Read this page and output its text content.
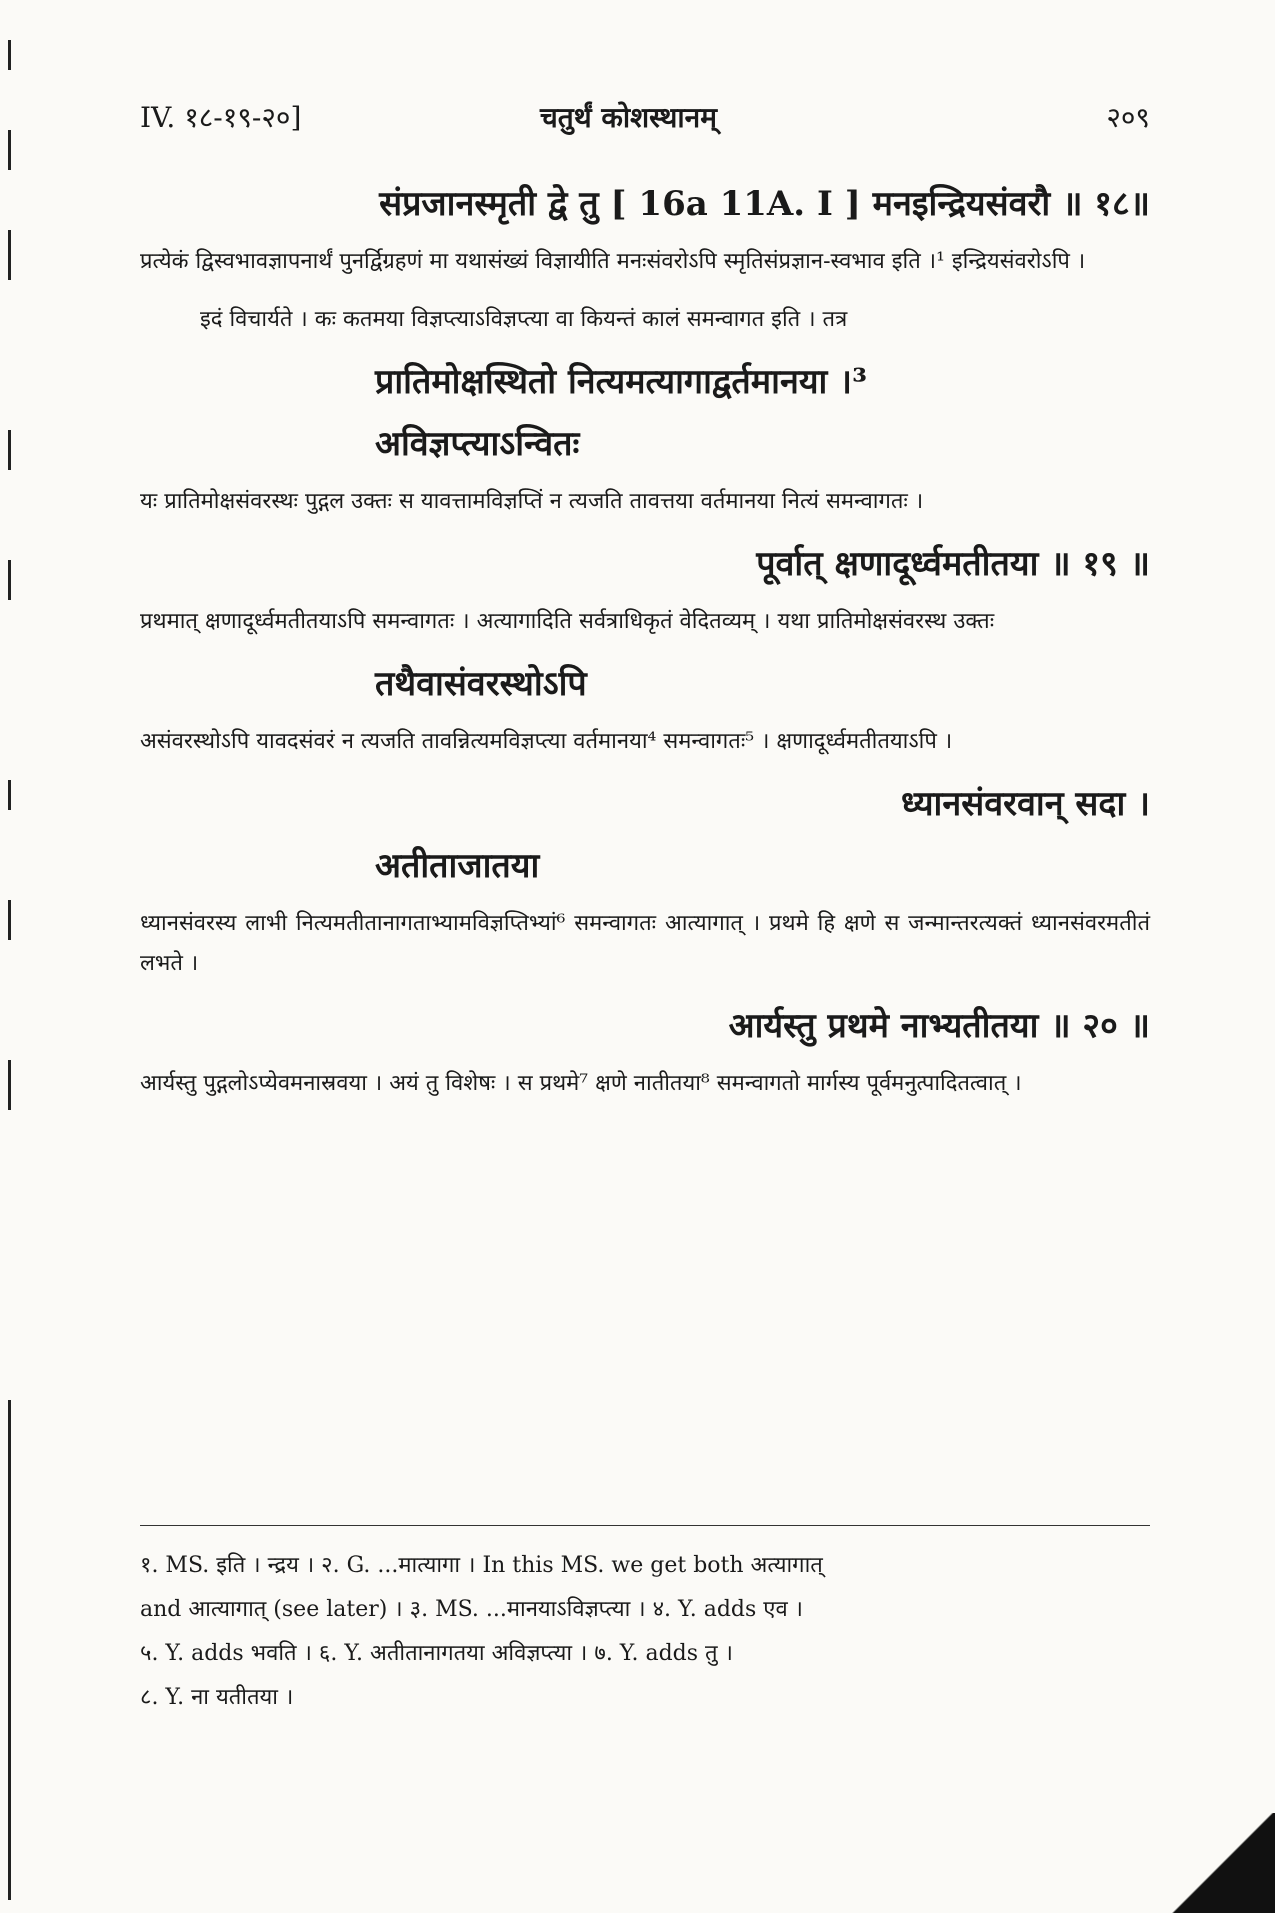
IV. १८-१९-२०]	चतुर्थं कोशस्थानम्	२०९

संप्रजानस्मृती द्वे तु [ 16a 11A. I ] मनइन्द्रियसंवरौ ॥ १८॥

प्रत्येकं द्विस्वभावज्ञापनार्थं पुनर्द्विग्रहणं मा यथासंख्यं विज्ञायीति मनःसंवरोऽपि स्मृतिसंप्रज्ञान-स्वभाव इति ।¹ इन्द्रियसंवरोऽपि ।

इदं विचार्यते । कः कतमया विज्ञप्त्याऽविज्ञप्त्या वा कियन्तं कालं समन्वागत इति । तत्र

प्रातिमोक्षस्थितो नित्यमत्यागाद्वर्तमानया ।³

अविज्ञप्त्याऽन्वितः

यः प्रातिमोक्षसंवरस्थः पुद्गल उक्तः स यावत्तामविज्ञप्तिं न त्यजति तावत्तया वर्तमानया नित्यं समन्वागतः ।

पूर्वात् क्षणादूर्ध्वमतीतया ॥ १९ ॥

प्रथमात् क्षणादूर्ध्वमतीतयाऽपि समन्वागतः । अत्यागादिति सर्वत्राधिकृतं वेदितव्यम् । यथा प्रातिमोक्षसंवरस्थ उक्तः

तथैवासंवरस्थोऽपि

असंवरस्थोऽपि यावदसंवरं न त्यजति तावन्नित्यमविज्ञप्त्या वर्तमानया⁴ समन्वागतः⁵ । क्षणादूर्ध्वमतीतयाऽपि ।

ध्यानसंवरवान् सदा ।

अतीताजातया

ध्यानसंवरस्य लाभी नित्यमतीतानागताभ्यामविज्ञप्तिभ्यां⁶ समन्वागतः आत्यागात् । प्रथमे हि क्षणे स जन्मान्तरत्यक्तं ध्यानसंवरमतीतं लभते ।

आर्यस्तु प्रथमे नाभ्यतीतया ॥ २० ॥

आर्यस्तु पुद्गलोऽप्येवमनास्रवया । अयं तु विशेषः । स प्रथमे⁷ क्षणे नातीतया⁸ समन्वागतो मार्गस्य पूर्वमनुत्पादितत्वात् ।

१. MS. इति । न्द्रय । २. G. ...मात्यागा । In this MS. we get both अत्यागात्

and आत्यागात् (see later) । ३. MS. ...मानयाऽविज्ञप्त्या । ४. Y. adds एव ।

५. Y. adds भवति । ६. Y. अतीतानागतया अविज्ञप्त्या । ७. Y. adds तु ।

८. Y. ना यतीतया ।
